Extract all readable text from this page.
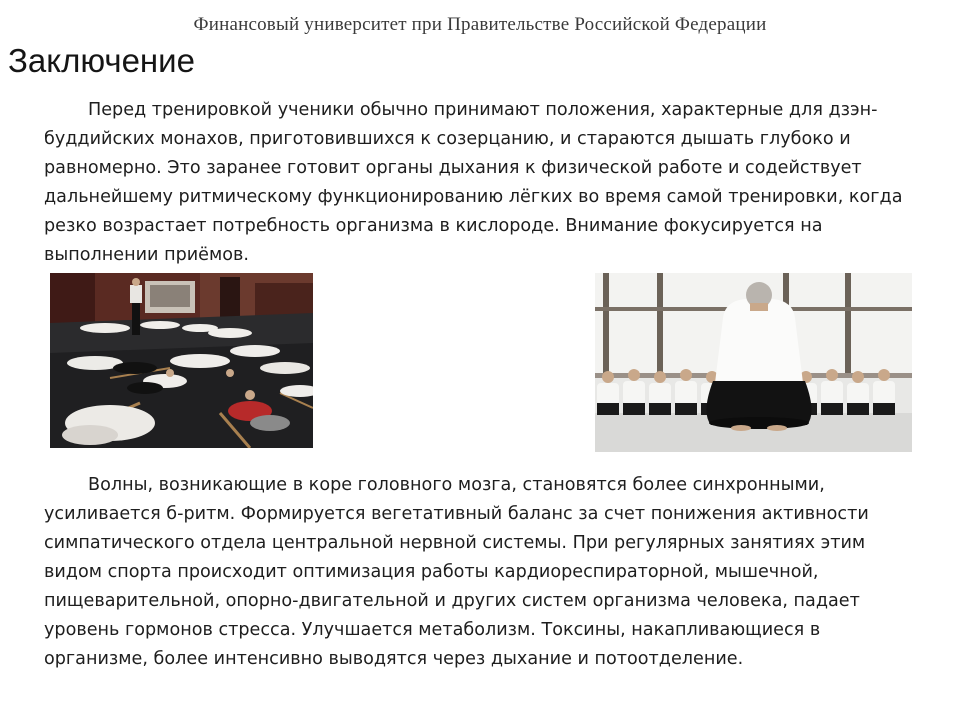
Финансовый университет при Правительстве Российской Федерации
Заключение

Перед тренировкой ученики обычно принимают положения, характерные для дзэн-буддийских монахов, приготовившихся к созерцанию, и стараются дышать глубоко и равномерно. Это заранее готовит органы дыхания к физической работе и содействует дальнейшему ритмическому функционированию лёгких во время самой тренировки, когда резко возрастает потребность организма в кислороде. Внимание фокусируется на выполнении приёмов.

Волны, возникающие в коре головного мозга, становятся более синхронными, усиливается б-ритм. Формируется вегетативный баланс за счет понижения активности симпатического отдела центральной нервной системы. При регулярных занятиях этим видом спорта происходит оптимизация работы кардиореспираторной, мышечной, пищеварительной, опорно-двигательной и других систем организма человека, падает уровень гормонов стресса. Улучшается метаболизм. Токсины, накапливающиеся в организме, более интенсивно выводятся через дыхание и потоотделение.
